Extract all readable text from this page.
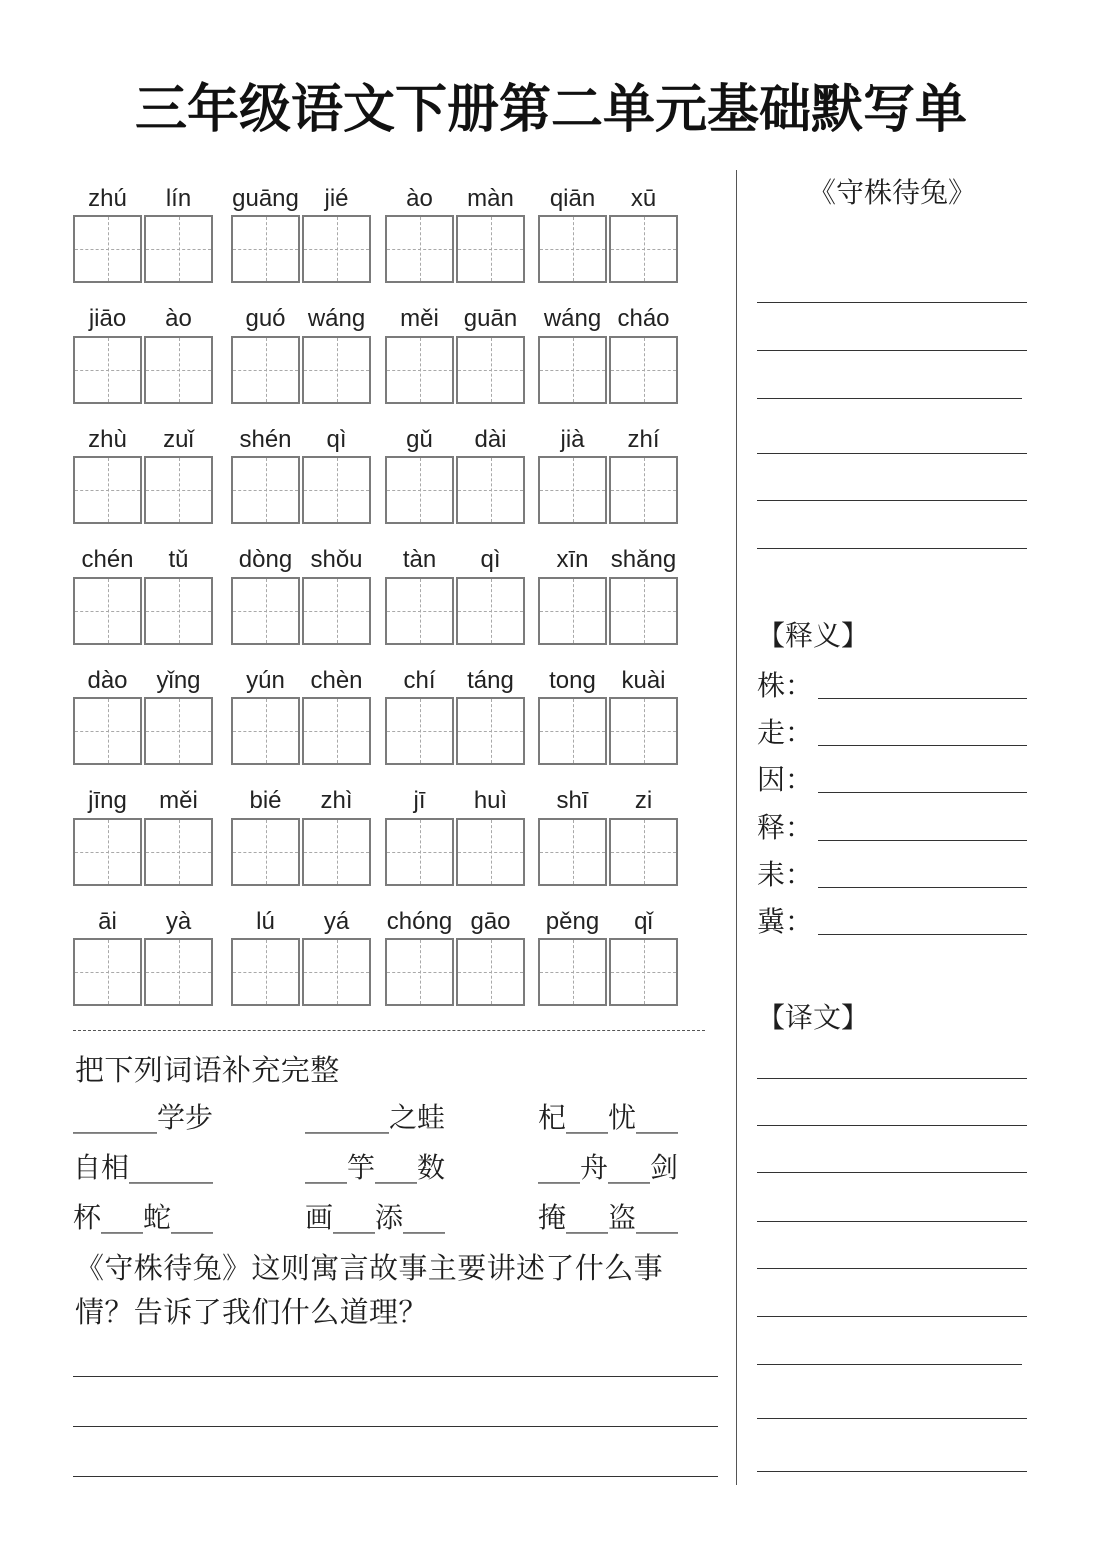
三年级语文下册第二单元基础默写单
zhú	lín	guāng	jié	ào	màn	qiān	xū
jiāo	ào	guó wáng	měi	guān	wáng cháo
zhù	zuǐ	shén	qì	gǔ	dài	jià	zhí
chén	tǔ	dòng shǒu	tàn	qì	xīn shǎng
dào	yǐng	yún	chèn	chí	táng	tong	kuài
jīng	měi	bié	zhì	jī	huì	shī	zi
āi	yà	lú	yá	chóng gāo	pěng	qǐ
把下列词语补充完整
______学步	______之蛙	杞___忧___
自相______	___竽___数	___舟___剑
杯___蛇___	画___添___	掩___盗___
《守株待兔》这则寓言故事主要讲述了什么事
情？告诉了我们什么道理？
《守株待兔》
【释义】
株：
走：
因：
释：
耒：
冀：
【译文】
